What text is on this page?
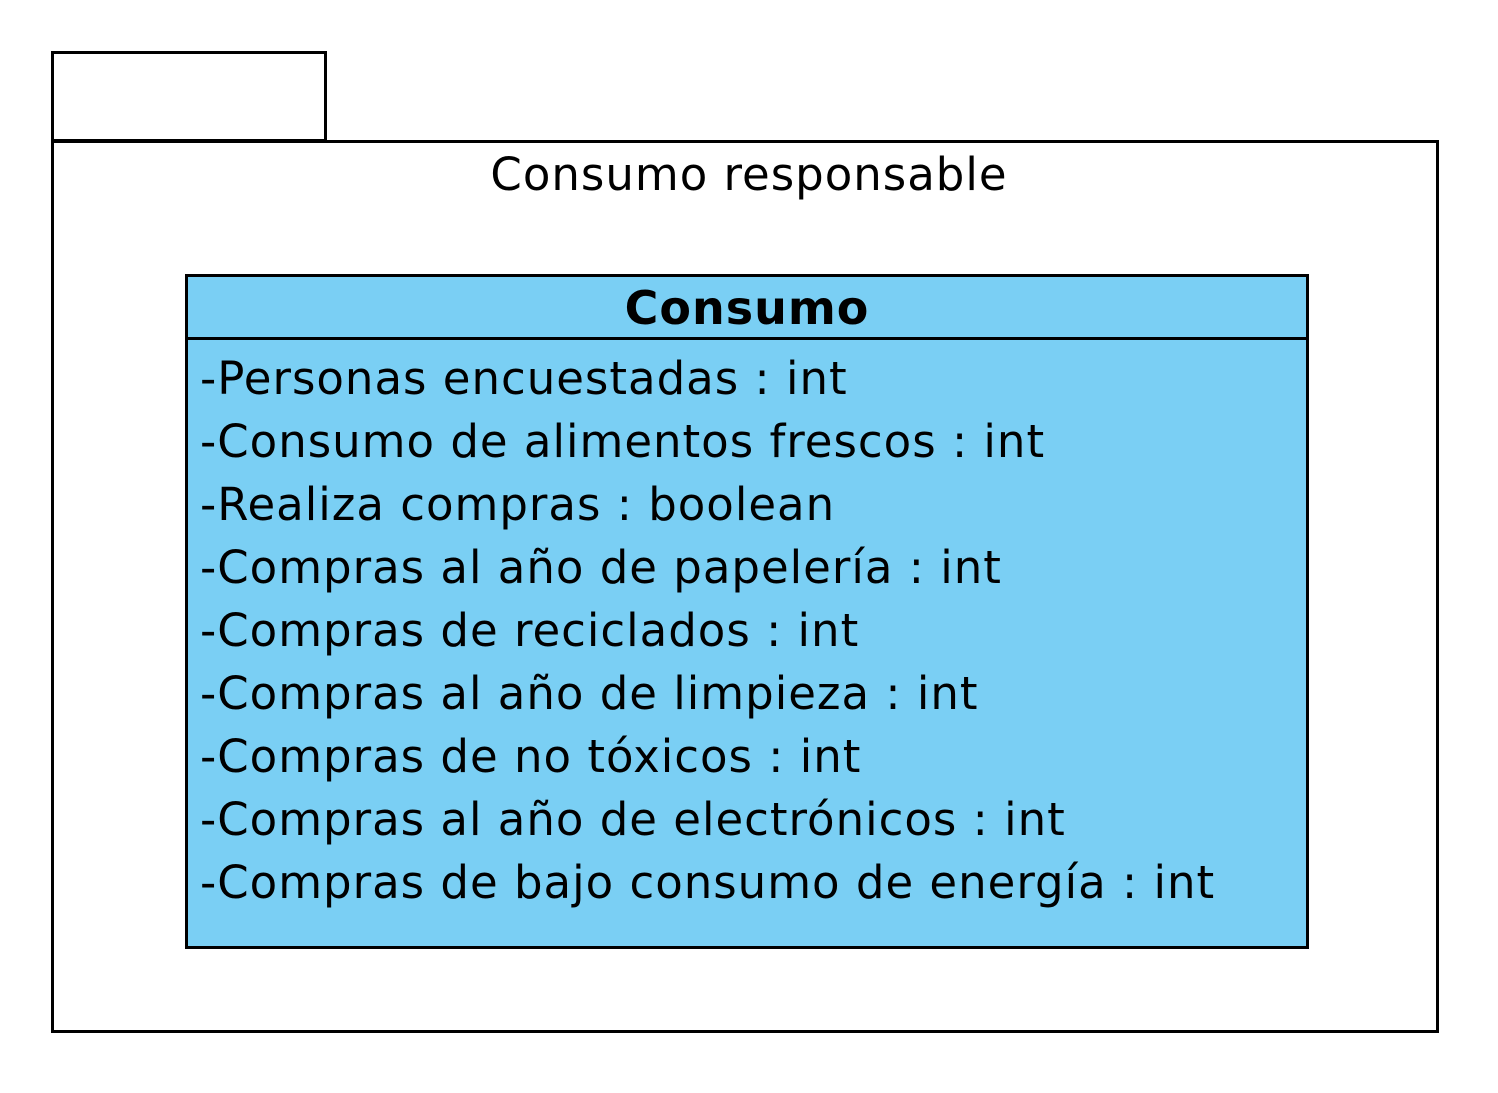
Consumo responsable
Consumo
-Personas encuestadas : int
-Consumo de alimentos frescos : int
-Realiza compras : boolean
-Compras al año de papelería : int
-Compras de reciclados : int
-Compras al año de limpieza : int
-Compras de no tóxicos : int
-Compras al año de electrónicos : int
-Compras de bajo consumo de energía : int
